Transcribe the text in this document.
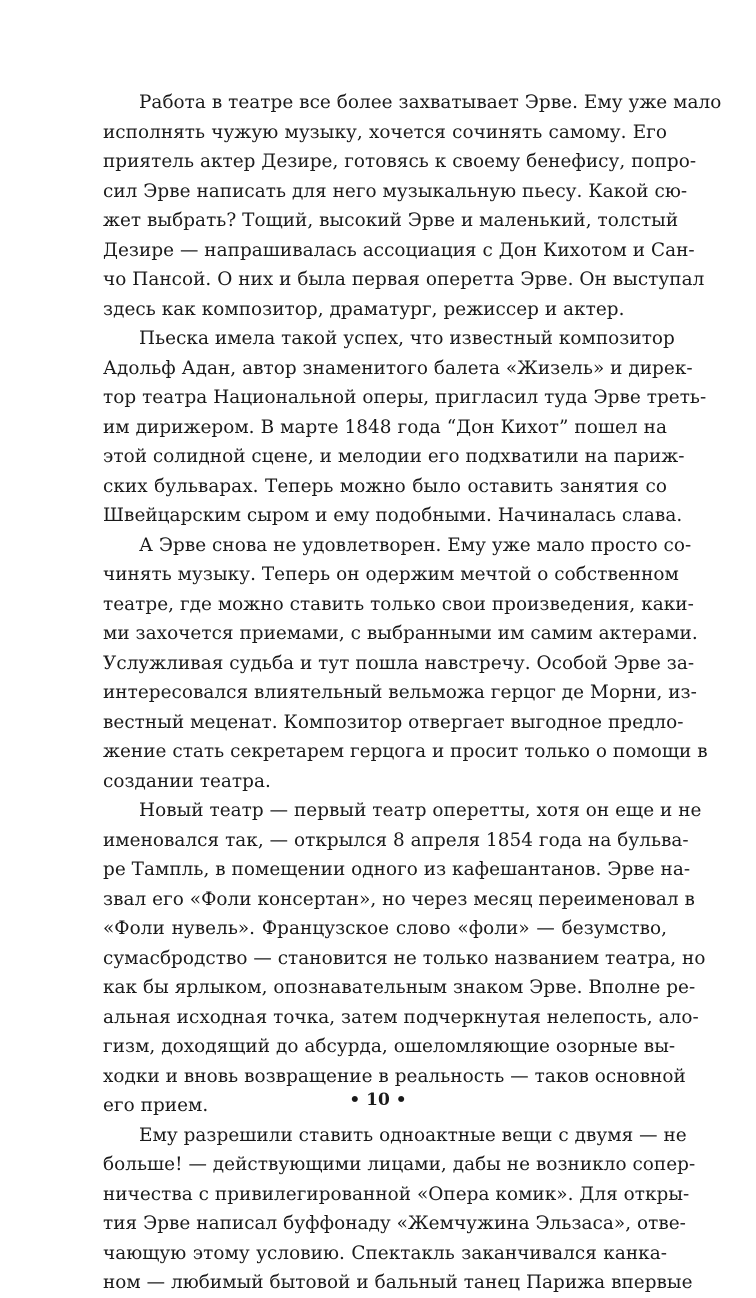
Работа в театре все более захватывает Эрве. Ему уже мало
исполнять чужую музыку, хочется сочинять самому. Его
приятель актер Дезире, готовясь к своему бенефису, попро-
сил Эрве написать для него музыкальную пьесу. Какой сю-
жет выбрать? Тощий, высокий Эрве и маленький, толстый
Дезире — напрашивалась ассоциация с Дон Кихотом и Сан-
чо Пансой. О них и была первая оперетта Эрве. Он выступал
здесь как композитор, драматург, режиссер и актер.
Пьеска имела такой успех, что известный композитор
Адольф Адан, автор знаменитого балета «Жизель» и дирек-
тор театра Национальной оперы, пригласил туда Эрве треть-
им дирижером. В марте 1848 года “Дон Кихот” пошел на
этой солидной сцене, и мелодии его подхватили на париж-
ских бульварах. Теперь можно было оставить занятия со
Швейцарским сыром и ему подобными. Начиналась слава.
А Эрве снова не удовлетворен. Ему уже мало просто со-
чинять музыку. Теперь он одержим мечтой о собственном
театре, где можно ставить только свои произведения, каки-
ми захочется приемами, с выбранными им самим актерами.
Услужливая судьба и тут пошла навстречу. Особой Эрве за-
интересовался влиятельный вельможа герцог де Морни, из-
вестный меценат. Композитор отвергает выгодное предло-
жение стать секретарем герцога и просит только о помощи в
создании театра.
Новый театр — первый театр оперетты, хотя он еще и не
именовался так, — открылся 8 апреля 1854 года на бульва-
ре Тампль, в помещении одного из кафешантанов. Эрве на-
звал его «Фоли консертан», но через месяц переименовал в
«Фоли нувель». Французское слово «фоли» — безумство,
сумасбродство — становится не только названием театра, но
как бы ярлыком, опознавательным знаком Эрве. Вполне ре-
альная исходная точка, затем подчеркнутая нелепость, ало-
гизм, доходящий до абсурда, ошеломляющие озорные вы-
ходки и вновь возвращение в реальность — таков основной
его прием.
Ему разрешили ставить одноактные вещи с двумя — не
больше! — действующими лицами, дабы не возникло сопер-
ничества с привилегированной «Опера комик». Для откры-
тия Эрве написал буффонаду «Жемчужина Эльзаса», отве-
чающую этому условию. Спектакль заканчивался канка-
ном — любимый бытовой и бальный танец Парижа впервые
• 10 •
